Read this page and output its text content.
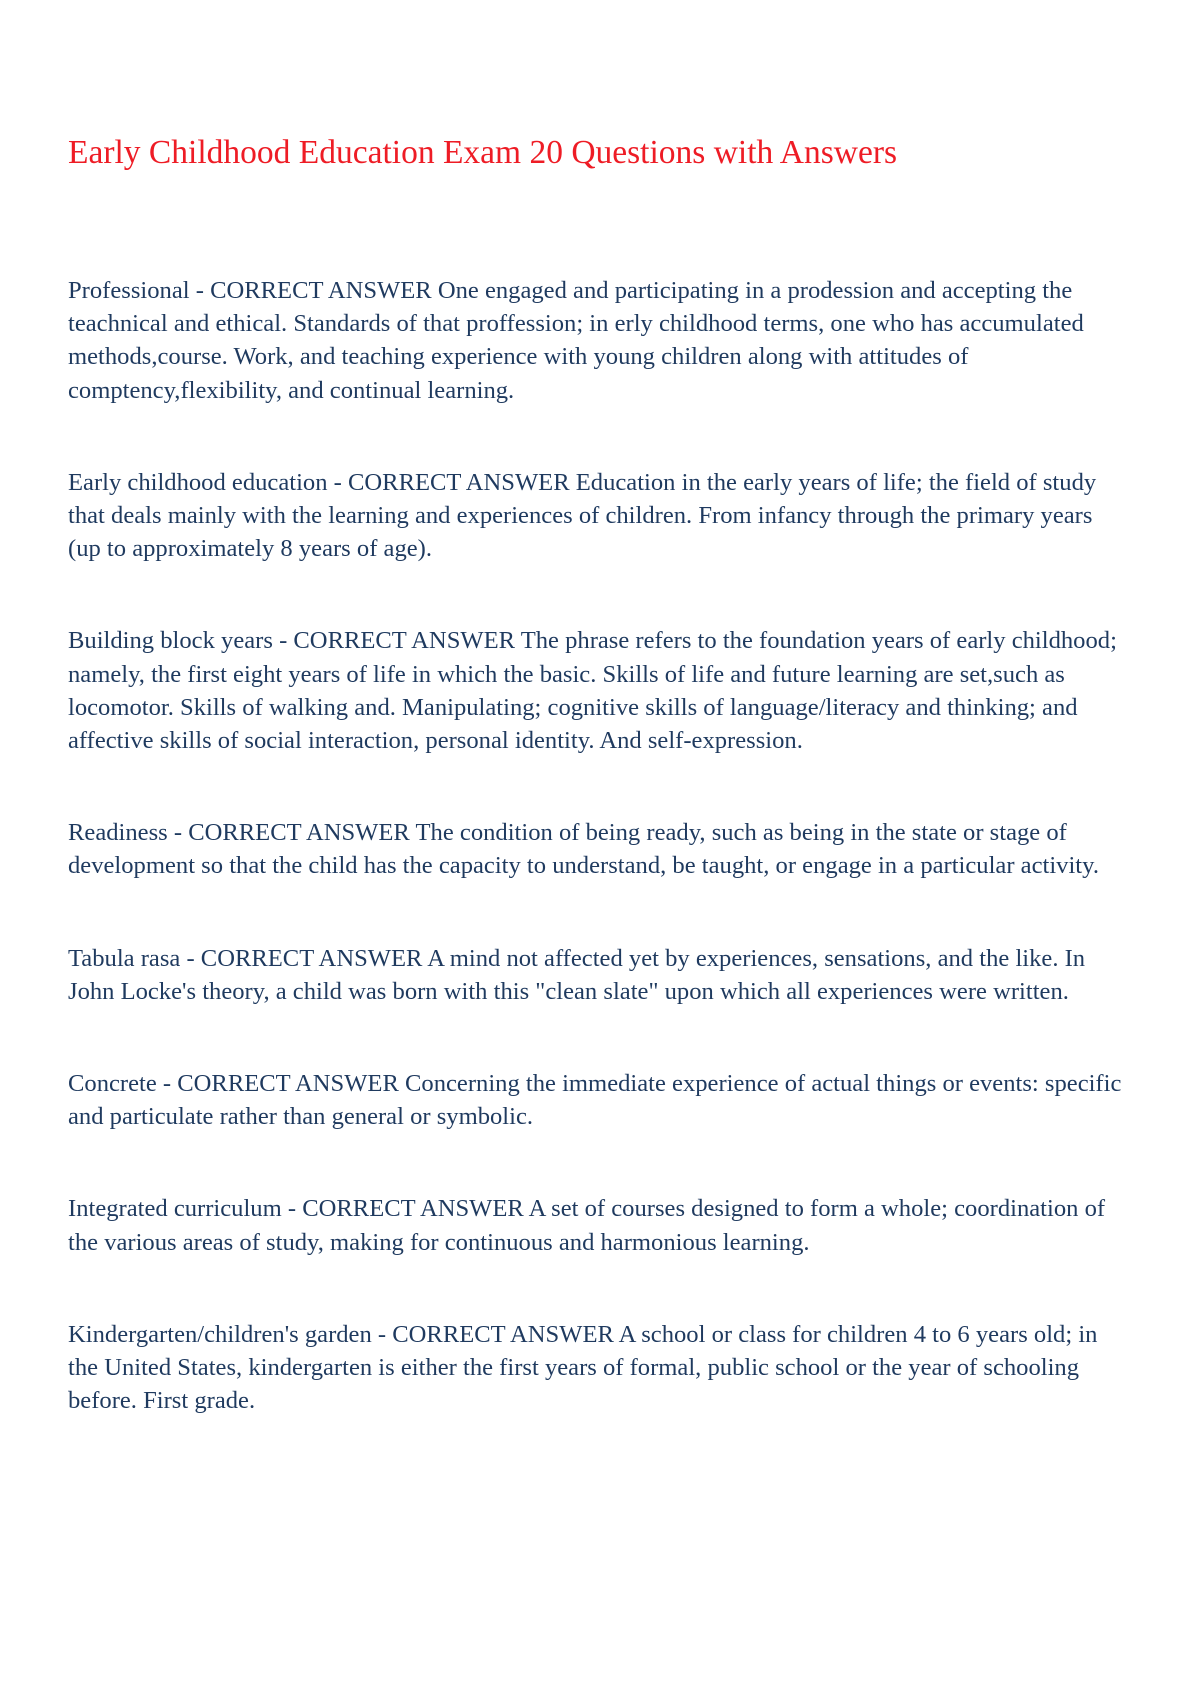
Early Childhood Education Exam 20 Questions with Answers

Professional - CORRECT ANSWER One engaged and participating in a prodession and accepting the teachnical and ethical. Standards of that proffession; in erly childhood terms, one who has accumulated methods,course. Work, and teaching experience with young children along with attitudes of comptency,flexibility, and continual learning.

Early childhood education - CORRECT ANSWER Education in the early years of life; the field of study that deals mainly with the learning and experiences of children. From infancy through the primary years (up to approximately 8 years of age).

Building block years - CORRECT ANSWER The phrase refers to the foundation years of early childhood; namely, the first eight years of life in which the basic. Skills of life and future learning are set,such as locomotor. Skills of walking and. Manipulating; cognitive skills of language/literacy and thinking; and affective skills of social interaction, personal identity. And self-expression.

Readiness - CORRECT ANSWER The condition of being ready, such as being in the state or stage of development so that the child has the capacity to understand, be taught, or engage in a particular activity.

Tabula rasa - CORRECT ANSWER A mind not affected yet by experiences, sensations, and the like. In John Locke's theory, a child was born with this "clean slate" upon which all experiences were written.

Concrete - CORRECT ANSWER Concerning the immediate experience of actual things or events: specific and particulate rather than general or symbolic.

Integrated curriculum - CORRECT ANSWER A set of courses designed to form a whole; coordination of the various areas of study, making for continuous and harmonious learning.

Kindergarten/children's garden - CORRECT ANSWER A school or class for children 4 to 6 years old; in the United States, kindergarten is either the first years of formal, public school or the year of schooling before. First grade.
